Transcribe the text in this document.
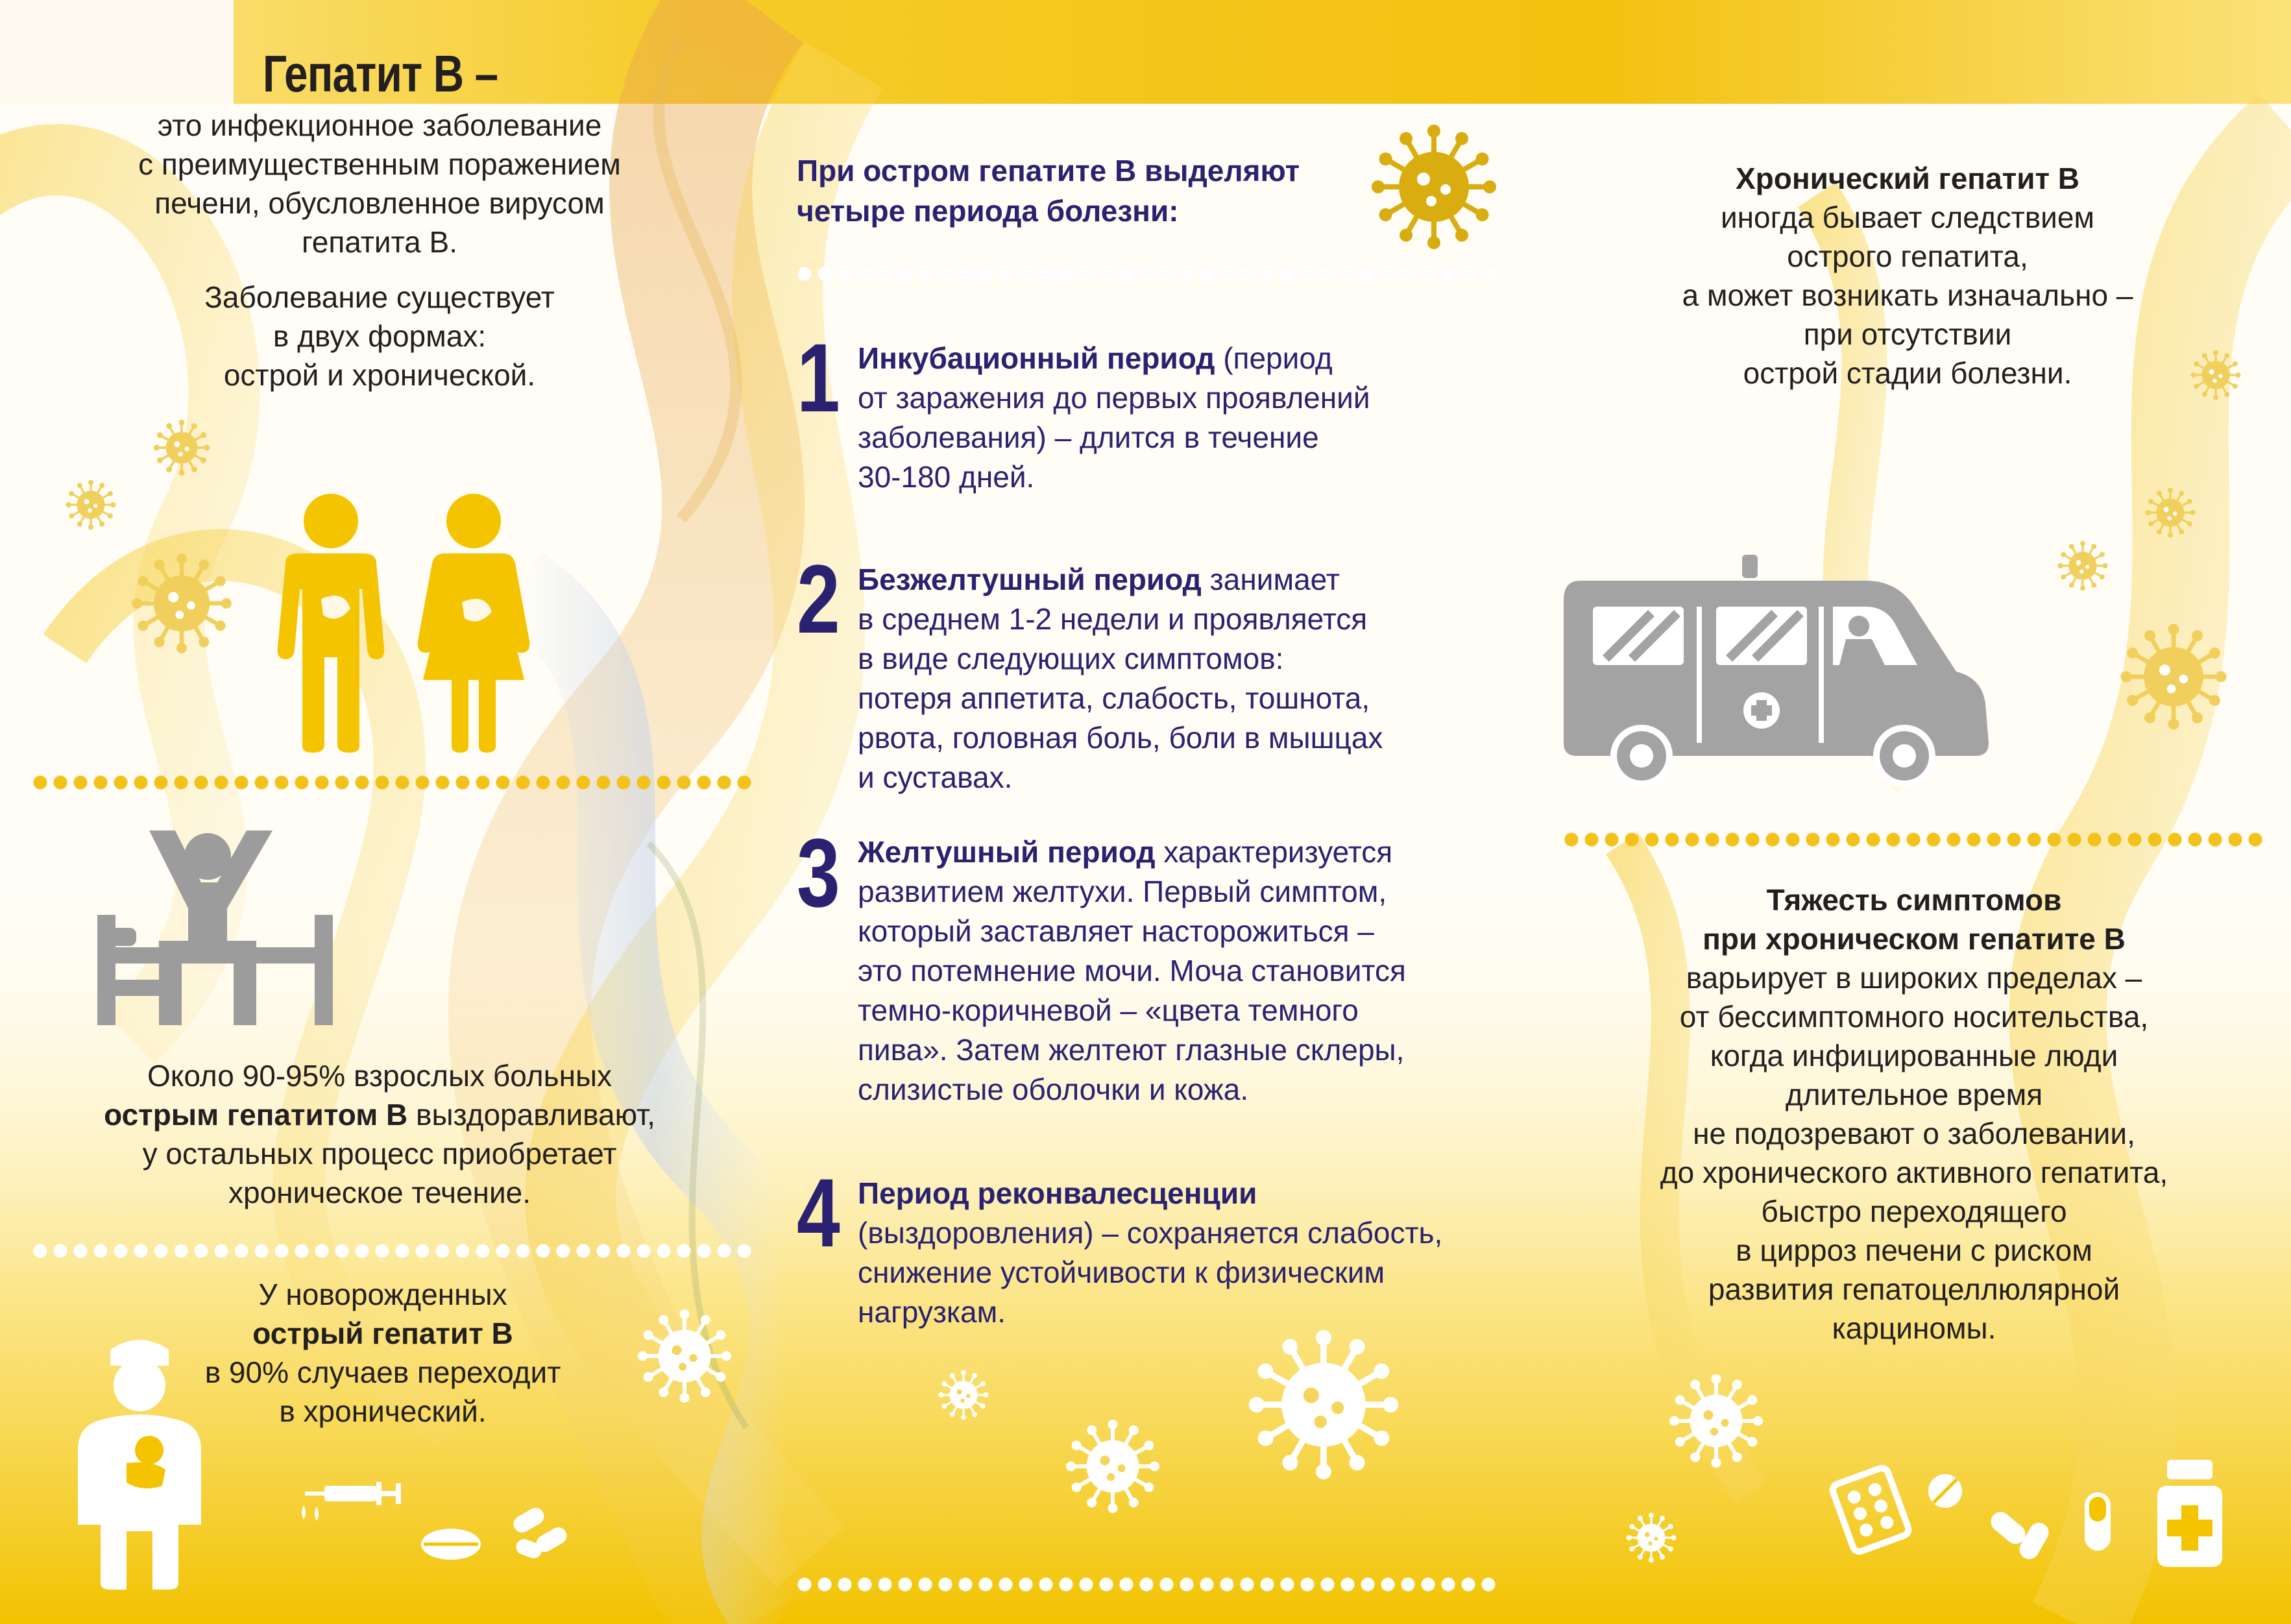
Гепатит В –
это инфекционное заболевание
с преимущественным поражением
печени, обусловленное вирусом
гепатита В.
Заболевание существует
в двух формах:
острой и хронической.
Около 90-95% взрослых больных
острым гепатитом В выздоравливают,
у остальных процесс приобретает
хроническое течение.
У новорожденных
острый гепатит В
в 90% случаев переходит
в хронический.
При остром гепатите В выделяют
четыре периода болезни:
1 Инкубационный период (период
от заражения до первых проявлений
заболевания) – длится в течение
30-180 дней.
2 Безжелтушный период занимает
в среднем 1-2 недели и проявляется
в виде следующих симптомов:
потеря аппетита, слабость, тошнота,
рвота, головная боль, боли в мышцах
и суставах.
3 Желтушный период характеризуется
развитием желтухи. Первый симптом,
который заставляет насторожиться –
это потемнение мочи. Моча становится
темно-коричневой – «цвета темного
пива». Затем желтеют глазные склеры,
слизистые оболочки и кожа.
4 Период реконвалесценции
(выздоровления) – сохраняется слабость,
снижение устойчивости к физическим
нагрузкам.
Хронический гепатит В
иногда бывает следствием
острого гепатита,
а может возникать изначально –
при отсутствии
острой стадии болезни.
Тяжесть симптомов
при хроническом гепатите В
варьирует в широких пределах –
от бессимптомного носительства,
когда инфицированные люди
длительное время
не подозревают о заболевании,
до хронического активного гепатита,
быстро переходящего
в цирроз печени с риском
развития гепатоцеллюлярной
карциномы.
